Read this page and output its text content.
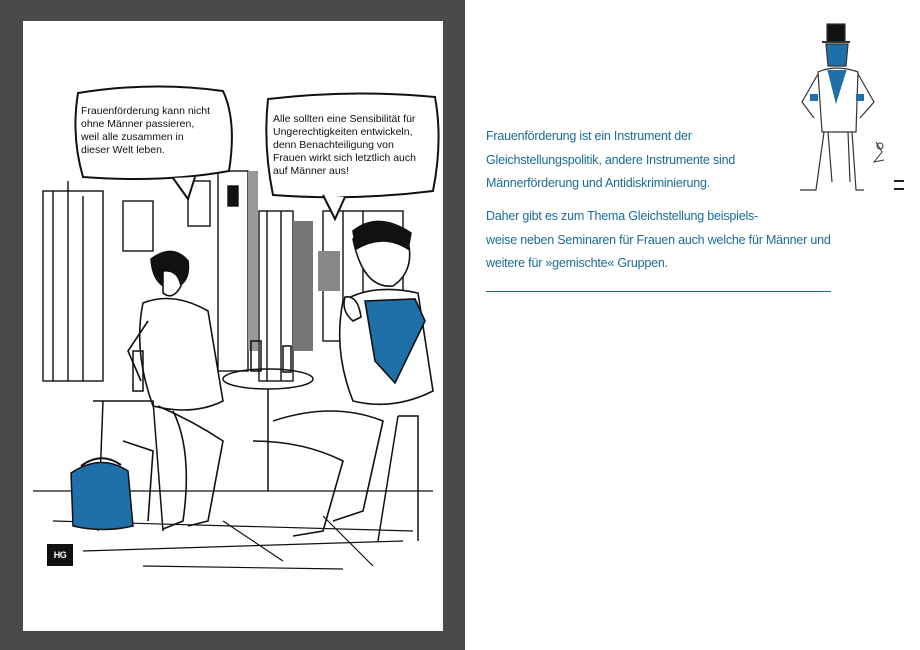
Frauenförderung kann nicht
ohne Männer passieren,
weil alle zusammen in
dieser Welt leben.
Alle sollten eine Sensibilität für
Ungerechtigkeiten entwickeln,
denn Benachteiligung von
Frauen wirkt sich letztlich auch
auf Männer aus!
HG
Frauenförderung ist ein Instrument der
Gleichstellungspolitik, andere Instrumente sind
Männerförderung und Antidiskriminierung.
Daher gibt es zum Thema Gleichstellung beispiels-
weise neben Seminaren für Frauen auch welche für Männer und
weitere für »gemischte« Gruppen.
